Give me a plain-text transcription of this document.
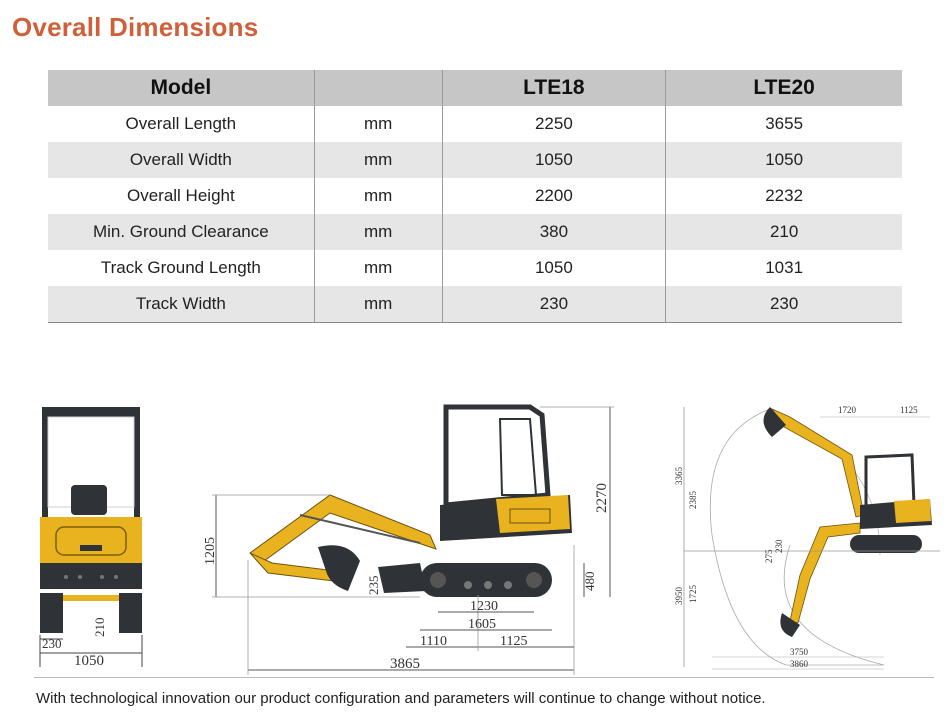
Overall Dimensions
Model		LTE18	LTE20
Overall Length	mm	2250	3655
Overall Width	mm	1050	1050
Overall Height	mm	2200	2232
Min. Ground Clearance	mm	380	210
Track Ground Length	mm	1050	1031
Track Width	mm	230	230
230
1050
210
3865
1110	1125
1605
1230
2270
480
1205
235
1720	1125
3365
2385
275
230
3950 1725
3750
3860
With technological innovation our product configuration and parameters will continue to change without notice.
